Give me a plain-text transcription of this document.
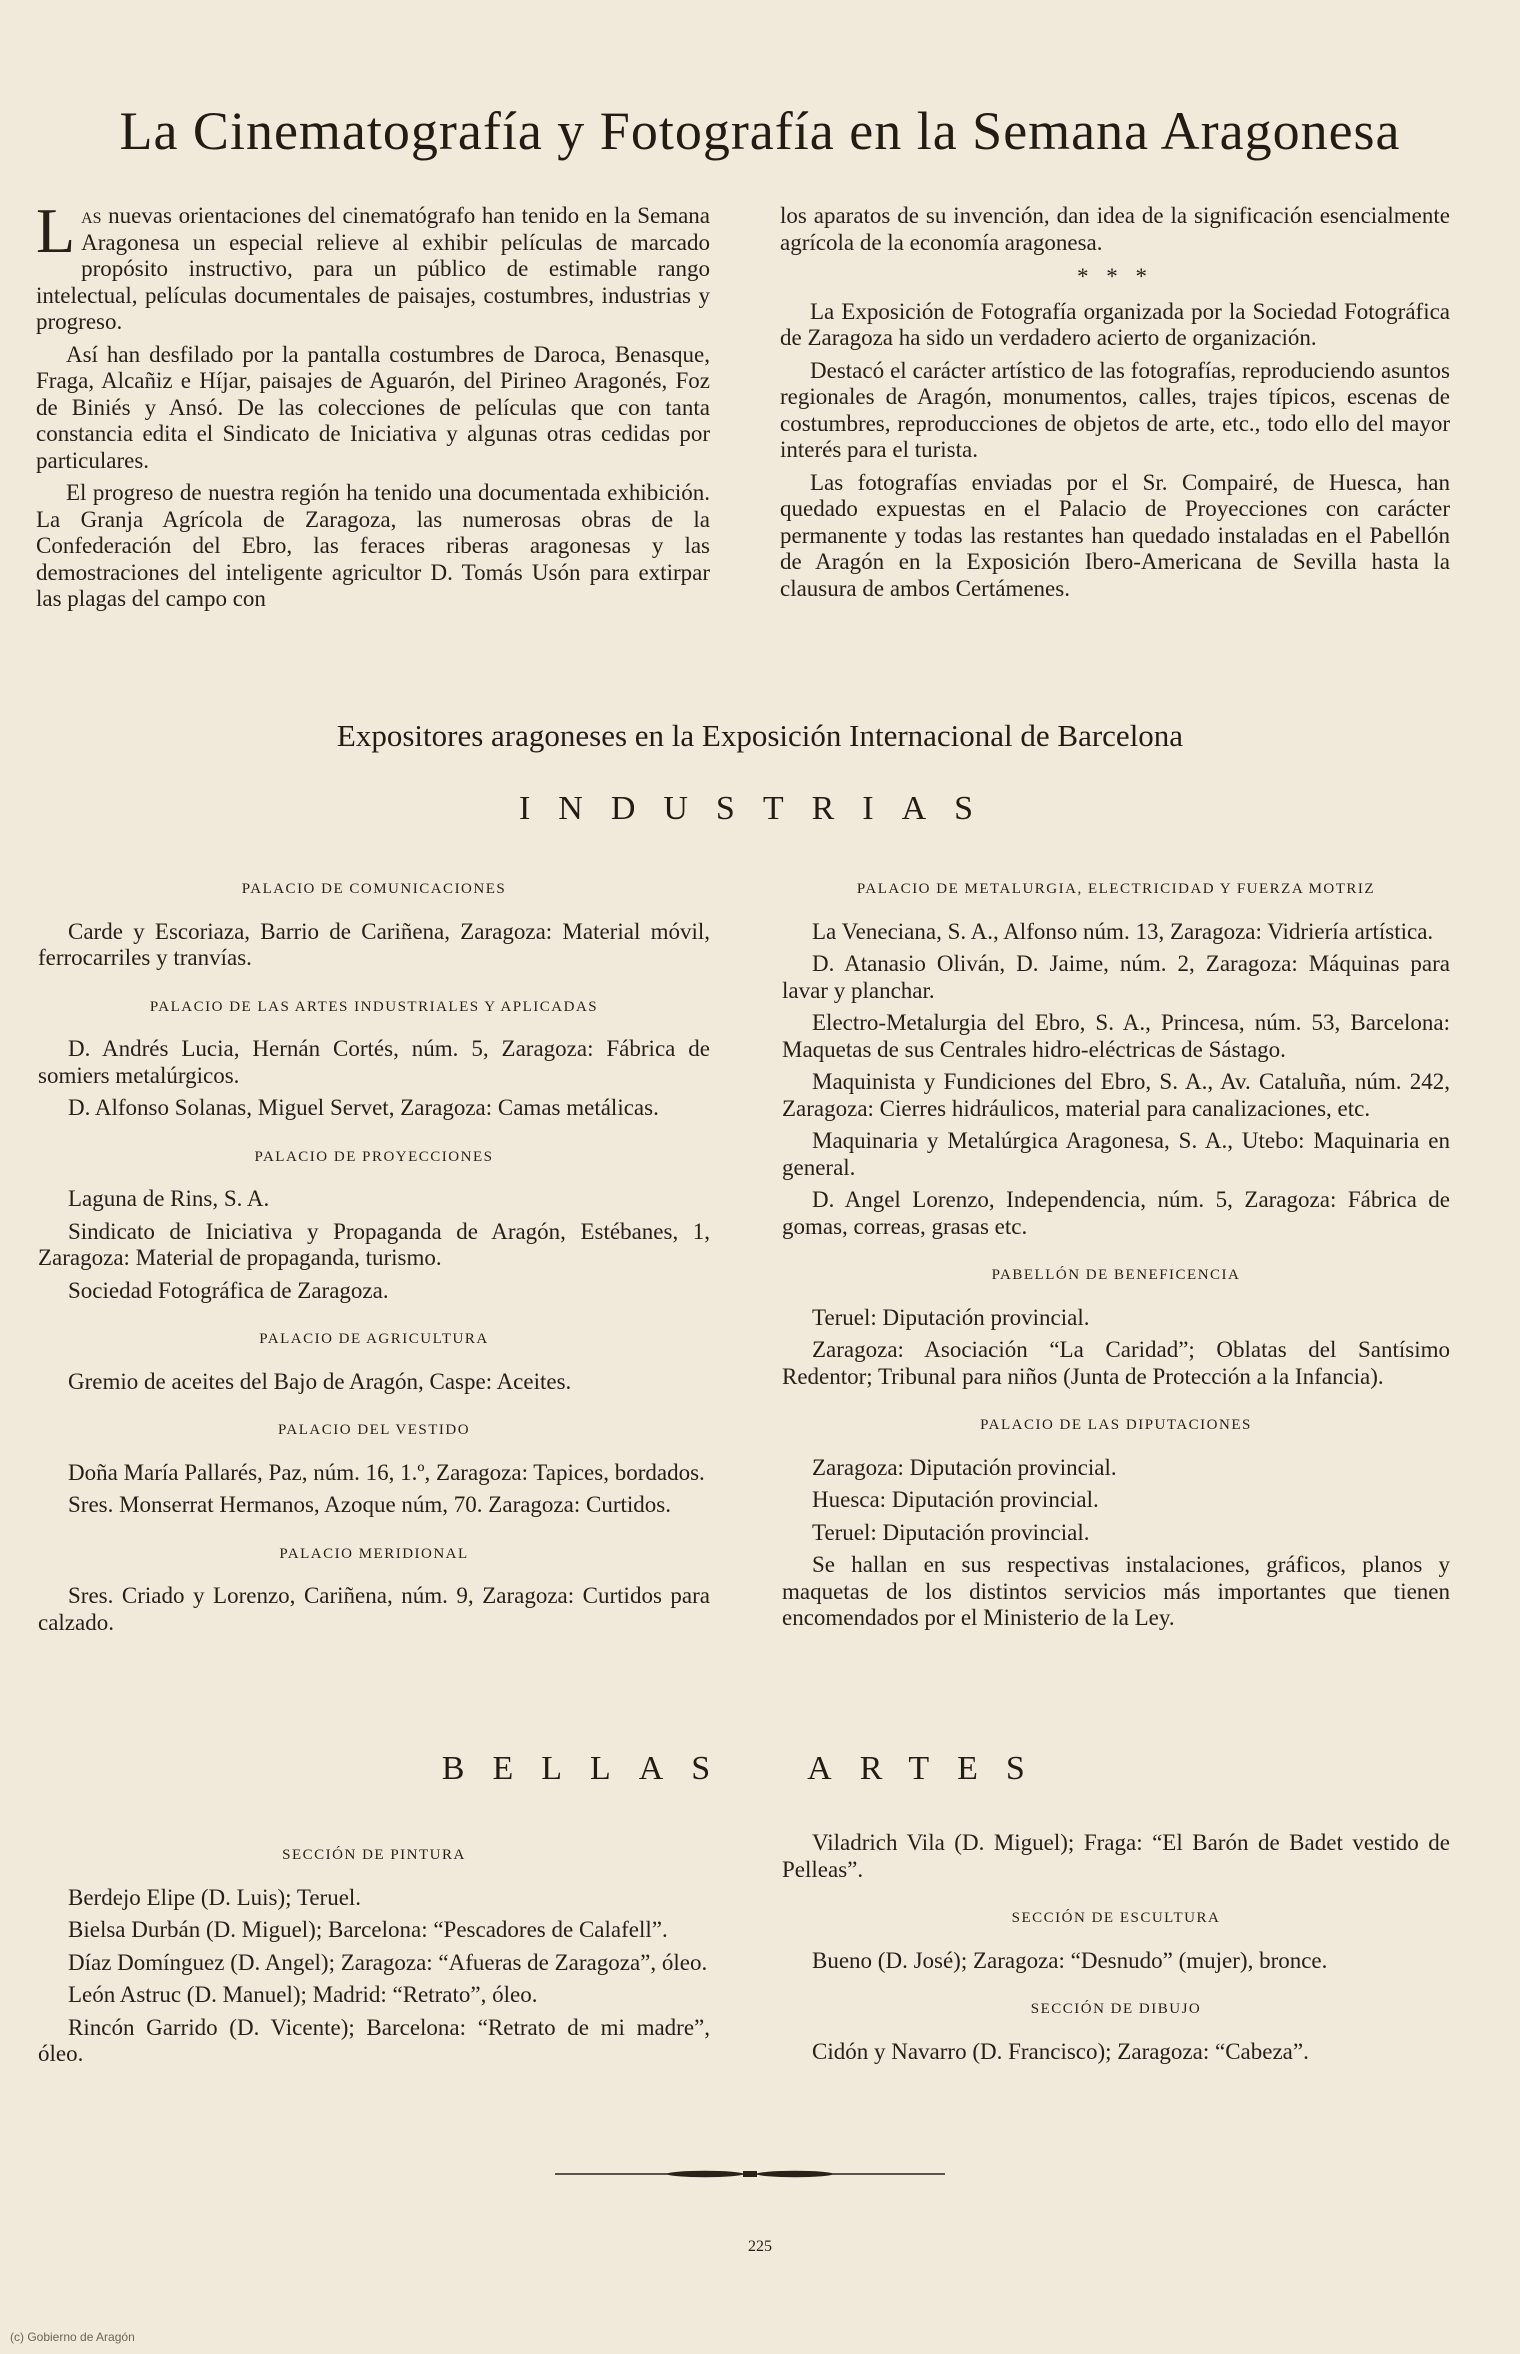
La Cinematografía y Fotografía en la Semana Aragonesa

Las nuevas orientaciones del cinematógrafo han tenido en la Semana Aragonesa un especial relieve al exhibir películas de marcado propósito instructivo, para un público de estimable rango intelectual, películas documentales de paisajes, costumbres, industrias y progreso.

Así han desfilado por la pantalla costumbres de Daroca, Benasque, Fraga, Alcañiz e Híjar, paisajes de Aguarón, del Pirineo Aragonés, Foz de Biniés y Ansó. De las colecciones de películas que con tanta constancia edita el Sindicato de Iniciativa y algunas otras cedidas por particulares.

El progreso de nuestra región ha tenido una documentada exhibición. La Granja Agrícola de Zaragoza, las numerosas obras de la Confederación del Ebro, las feraces riberas aragonesas y las demostraciones del inteligente agricultor D. Tomás Usón para extirpar las plagas del campo con

los aparatos de su invención, dan idea de la significación esencialmente agrícola de la economía aragonesa.

* * *

La Exposición de Fotografía organizada por la Sociedad Fotográfica de Zaragoza ha sido un verdadero acierto de organización.

Destacó el carácter artístico de las fotografías, reproduciendo asuntos regionales de Aragón, monumentos, calles, trajes típicos, escenas de costumbres, reproducciones de objetos de arte, etc., todo ello del mayor interés para el turista.

Las fotografías enviadas por el Sr. Compairé, de Huesca, han quedado expuestas en el Palacio de Proyecciones con carácter permanente y todas las restantes han quedado instaladas en el Pabellón de Aragón en la Exposición Ibero-Americana de Sevilla hasta la clausura de ambos Certámenes.

Expositores aragoneses en la Exposición Internacional de Barcelona
INDUSTRIAS
PALACIO DE COMUNICACIONES

Carde y Escoriaza, Barrio de Cariñena, Zaragoza: Material móvil, ferrocarriles y tranvías.

PALACIO DE LAS ARTES INDUSTRIALES Y APLICADAS

D. Andrés Lucia, Hernán Cortés, núm. 5, Zaragoza: Fábrica de somiers metalúrgicos.

D. Alfonso Solanas, Miguel Servet, Zaragoza: Camas metálicas.

PALACIO DE PROYECCIONES

Laguna de Rins, S. A.

Sindicato de Iniciativa y Propaganda de Aragón, Estébanes, 1, Zaragoza: Material de propaganda, turismo.

Sociedad Fotográfica de Zaragoza.

PALACIO DE AGRICULTURA

Gremio de aceites del Bajo de Aragón, Caspe: Aceites.

PALACIO DEL VESTIDO

Doña María Pallarés, Paz, núm. 16, 1.º, Zaragoza: Tapices, bordados.

Sres. Monserrat Hermanos, Azoque núm, 70. Zaragoza: Curtidos.

PALACIO MERIDIONAL

Sres. Criado y Lorenzo, Cariñena, núm. 9, Zaragoza: Curtidos para calzado.

PALACIO DE METALURGIA, ELECTRICIDAD Y FUERZA MOTRIZ

La Veneciana, S. A., Alfonso núm. 13, Zaragoza: Vidriería artística.

D. Atanasio Oliván, D. Jaime, núm. 2, Zaragoza: Máquinas para lavar y planchar.

Electro-Metalurgia del Ebro, S. A., Princesa, núm. 53, Barcelona: Maquetas de sus Centrales hidro-eléctricas de Sástago.

Maquinista y Fundiciones del Ebro, S. A., Av. Cataluña, núm. 242, Zaragoza: Cierres hidráulicos, material para canalizaciones, etc.

Maquinaria y Metalúrgica Aragonesa, S. A., Utebo: Maquinaria en general.

D. Angel Lorenzo, Independencia, núm. 5, Zaragoza: Fábrica de gomas, correas, grasas etc.

PABELLÓN DE BENEFICENCIA

Teruel: Diputación provincial.

Zaragoza: Asociación “La Caridad”; Oblatas del Santísimo Redentor; Tribunal para niños (Junta de Protección a la Infancia).

PALACIO DE LAS DIPUTACIONES

Zaragoza: Diputación provincial.

Huesca: Diputación provincial.

Teruel: Diputación provincial.

Se hallan en sus respectivas instalaciones, gráficos, planos y maquetas de los distintos servicios más importantes que tienen encomendados por el Ministerio de la Ley.

BELLAS	ARTES
SECCIÓN DE PINTURA

Berdejo Elipe (D. Luis); Teruel.

Bielsa Durbán (D. Miguel); Barcelona: “Pescadores de Calafell”.

Díaz Domínguez (D. Angel); Zaragoza: “Afueras de Zaragoza”, óleo.

León Astruc (D. Manuel); Madrid: “Retrato”, óleo.

Rincón Garrido (D. Vicente); Barcelona: “Retrato de mi madre”, óleo.

Viladrich Vila (D. Miguel); Fraga: “El Barón de Badet vestido de Pelleas”.

SECCIÓN DE ESCULTURA

Bueno (D. José); Zaragoza: “Desnudo” (mujer), bronce.

SECCIÓN DE DIBUJO

Cidón y Navarro (D. Francisco); Zaragoza: “Cabeza”.

225
(c) Gobierno de Aragón
